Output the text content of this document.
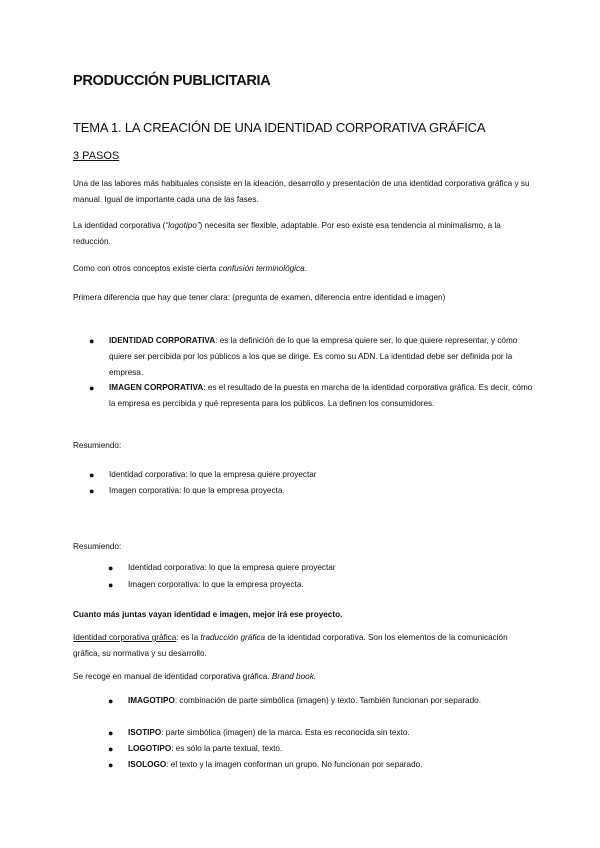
PRODUCCIÓN PUBLICITARIA
TEMA 1. LA CREACIÓN DE UNA IDENTIDAD CORPORATIVA GRÁFICA
3 PASOS

Una de las labores más habituales consiste en la ideación, desarrollo y presentación de una identidad corporativa gráfica y su manual. Igual de importante cada una de las fases.

La identidad corporativa (“logotipo”) necesita ser flexible, adaptable. Por eso existe esa tendencia al minimalismo, a la reducción.

Como con otros conceptos existe cierta confusión terminológica.

Primera diferencia que hay que tener clara: (pregunta de examen, diferencia entre identidad e imagen)

● IDENTIDAD CORPORATIVA: es la definición de lo que la empresa quiere ser, lo que quiere representar, y cómo quiere ser percibida por los públicos a los que se dirige. Es como su ADN. La identidad debe ser definida por la empresa.
● IMAGEN CORPORATIVA: es el resultado de la puesta en marcha de la identidad corporativa gráfica. Es decir, cómo la empresa es percibida y qué representa para los públicos. La definen los consumidores.

Resumiendo:

● Identidad corporativa: lo que la empresa quiere proyectar
● Imagen corporativa: lo que la empresa proyecta.

Resumiendo:

● Identidad corporativa: lo que la empresa quiere proyectar
● Imagen corporativa: lo que la empresa proyecta.

Cuanto más juntas vayan identidad e imagen, mejor irá ese proyecto.

Identidad corporativa gráfica: es la traducción gráfica de la identidad corporativa. Son los elementos de la comunicación gráfica, su normativa y su desarrollo.

Se recoge en manual de identidad corporativa gráfica. Brand book.

● IMAGOTIPO: combinación de parte simbólica (imagen) y texto. También funcionan por separado.
● ISOTIPO: parte simbólica (imagen) de la marca. Esta es reconocida sin texto.
● LOGOTIPO: es sólo la parte textual, texto.
● ISOLOGO: el texto y la imagen conforman un grupo. No funcionan por separado.
